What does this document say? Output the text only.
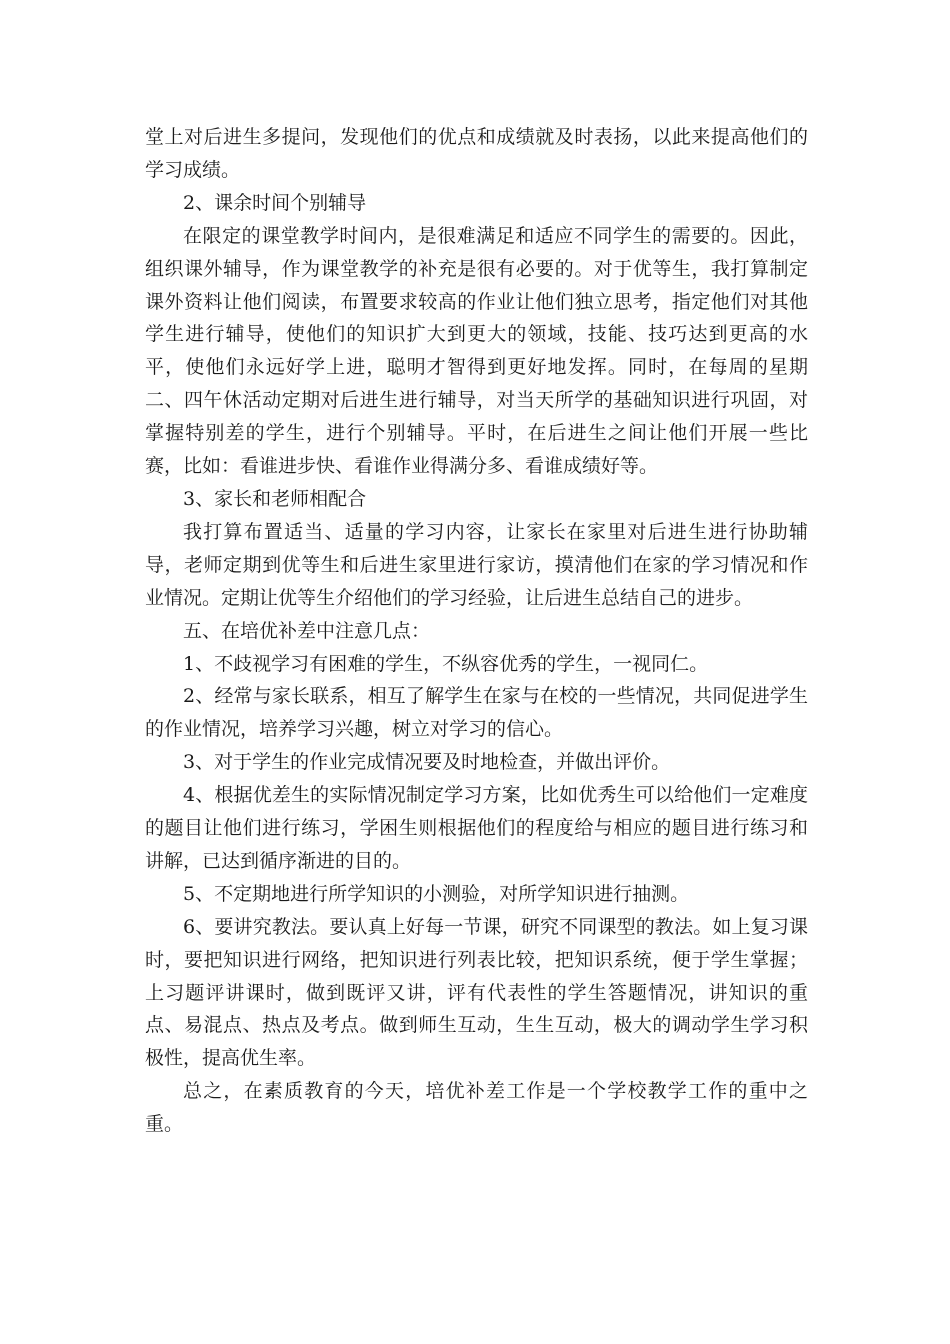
堂上对后进生多提问，发现他们的优点和成绩就及时表扬，以此来提高他们的学习成绩。

2、课余时间个别辅导

在限定的课堂教学时间内，是很难满足和适应不同学生的需要的。因此，组织课外辅导，作为课堂教学的补充是很有必要的。对于优等生，我打算制定课外资料让他们阅读，布置要求较高的作业让他们独立思考，指定他们对其他学生进行辅导，使他们的知识扩大到更大的领域，技能、技巧达到更高的水平，使他们永远好学上进，聪明才智得到更好地发挥。同时，在每周的星期二、四午休活动定期对后进生进行辅导，对当天所学的基础知识进行巩固，对掌握特别差的学生，进行个别辅导。平时，在后进生之间让他们开展一些比赛，比如：看谁进步快、看谁作业得满分多、看谁成绩好等。

3、家长和老师相配合

我打算布置适当、适量的学习内容，让家长在家里对后进生进行协助辅导，老师定期到优等生和后进生家里进行家访，摸清他们在家的学习情况和作业情况。定期让优等生介绍他们的学习经验，让后进生总结自己的进步。

五、在培优补差中注意几点：

1、不歧视学习有困难的学生，不纵容优秀的学生，一视同仁。

2、经常与家长联系，相互了解学生在家与在校的一些情况，共同促进学生的作业情况，培养学习兴趣，树立对学习的信心。

3、对于学生的作业完成情况要及时地检查，并做出评价。

4、根据优差生的实际情况制定学习方案，比如优秀生可以给他们一定难度的题目让他们进行练习，学困生则根据他们的程度给与相应的题目进行练习和讲解，已达到循序渐进的目的。

5、不定期地进行所学知识的小测验，对所学知识进行抽测。

6、要讲究教法。要认真上好每一节课，研究不同课型的教法。如上复习课时，要把知识进行网络，把知识进行列表比较，把知识系统，便于学生掌握；上习题评讲课时，做到既评又讲，评有代表性的学生答题情况，讲知识的重点、易混点、热点及考点。做到师生互动，生生互动，极大的调动学生学习积极性，提高优生率。

总之，在素质教育的今天，培优补差工作是一个学校教学工作的重中之重。
